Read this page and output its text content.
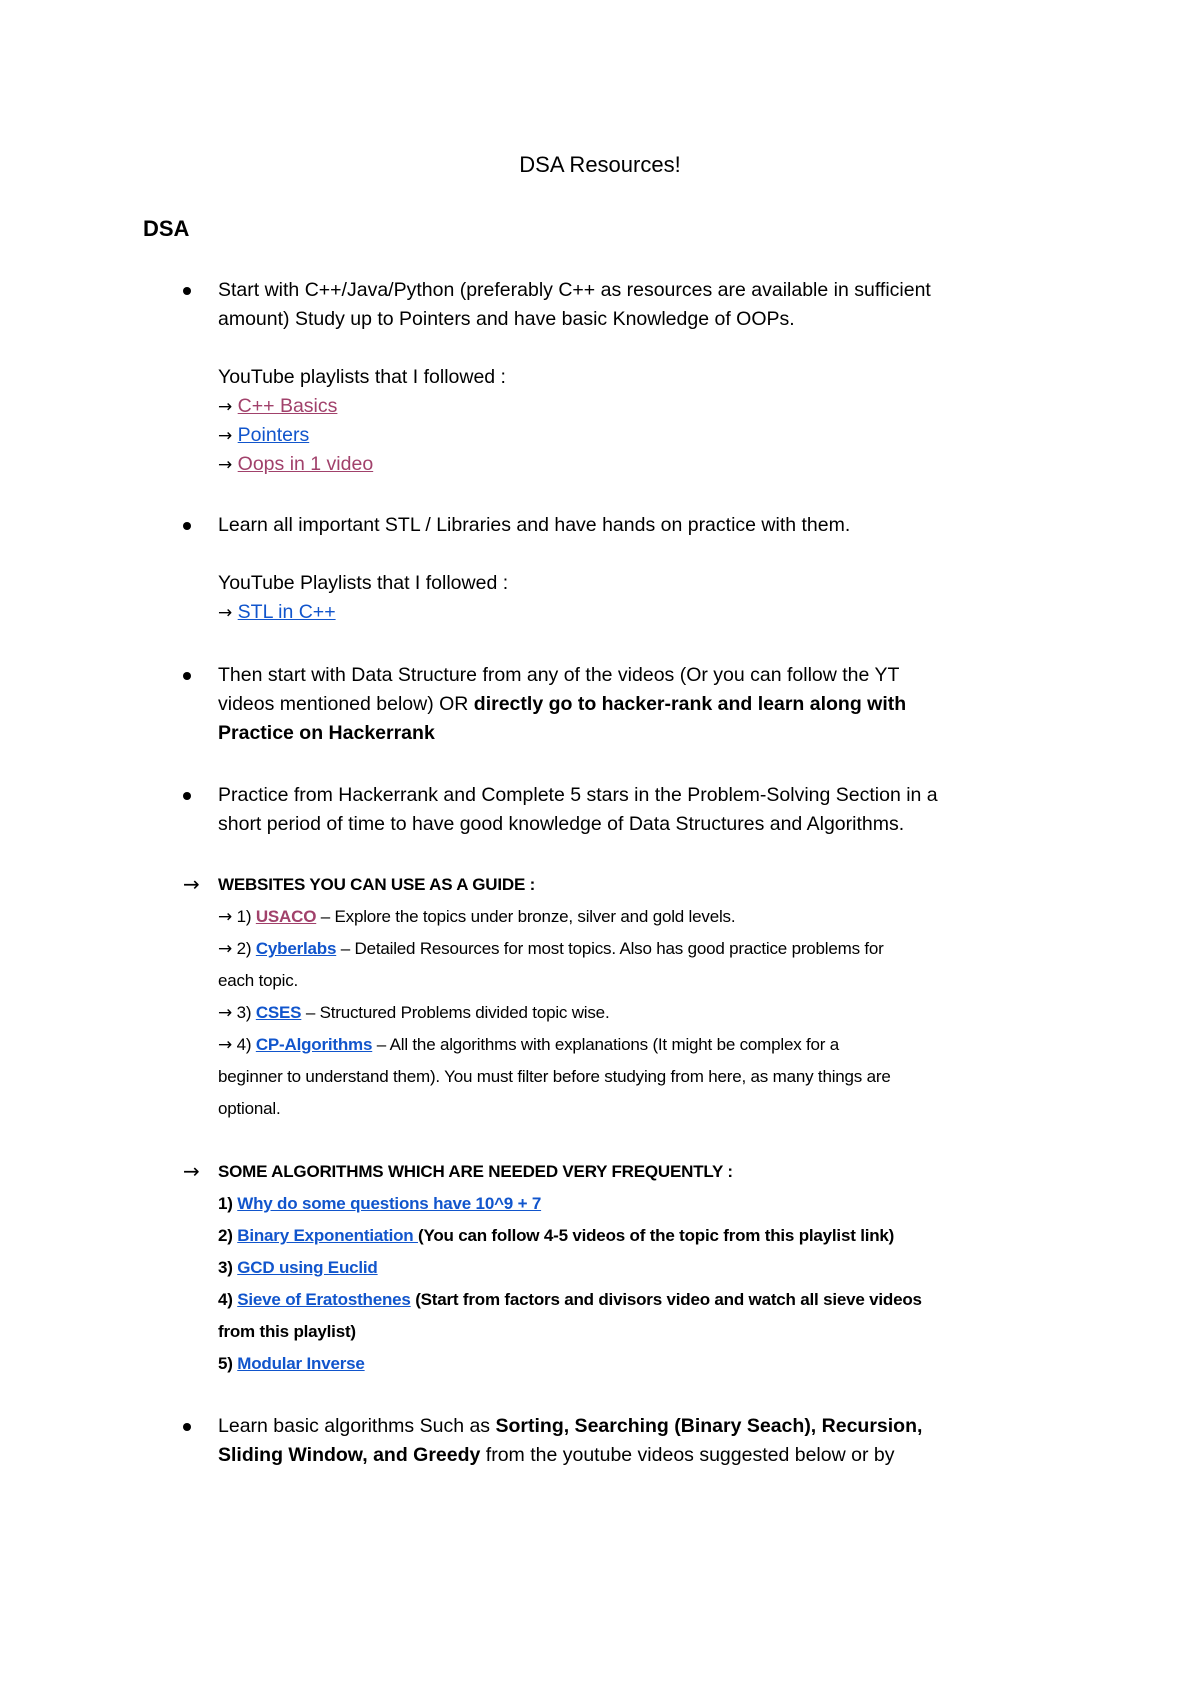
DSA Resources!
DSA
Start with C++/Java/Python (preferably C++ as resources are available in sufficient
amount) Study up to Pointers and have basic Knowledge of OOPs.
YouTube playlists that I followed :
→ C++ Basics
→ Pointers
→ Oops in 1 video
Learn all important STL / Libraries and have hands on practice with them.
YouTube Playlists that I followed :
→ STL in C++
Then start with Data Structure from any of the videos (Or you can follow the YT
videos mentioned below) OR directly go to hacker-rank and learn along with
Practice on Hackerrank
Practice from Hackerrank and Complete 5 stars in the Problem-Solving Section in a
short period of time to have good knowledge of Data Structures and Algorithms.
→ WEBSITES YOU CAN USE AS A GUIDE :
→ 1) USACO – Explore the topics under bronze, silver and gold levels.
→ 2) Cyberlabs – Detailed Resources for most topics. Also has good practice problems for
each topic.
→ 3) CSES – Structured Problems divided topic wise.
→ 4) CP-Algorithms – All the algorithms with explanations (It might be complex for a
beginner to understand them). You must filter before studying from here, as many things are
optional.
→ SOME ALGORITHMS WHICH ARE NEEDED VERY FREQUENTLY :
1) Why do some questions have 10^9 + 7
2) Binary Exponentiation (You can follow 4-5 videos of the topic from this playlist link)
3) GCD using Euclid
4) Sieve of Eratosthenes (Start from factors and divisors video and watch all sieve videos
from this playlist)
5) Modular Inverse
Learn basic algorithms Such as Sorting, Searching (Binary Seach), Recursion,
Sliding Window, and Greedy from the youtube videos suggested below or by
